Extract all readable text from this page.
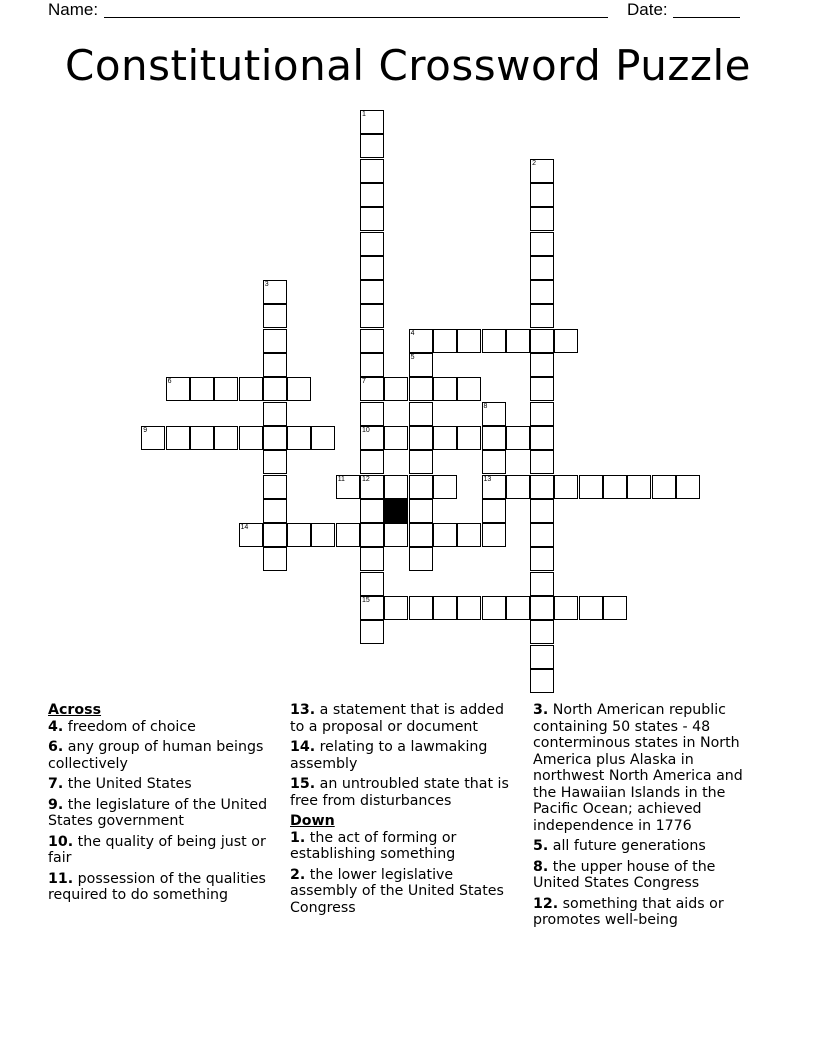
Name:	Date:
Constitutional Crossword Puzzle
1
7
10
12
2
3
4
5
6
8
13
9
11
15
14
Across
4. freedom of choice
6. any group of human beings collectively
7. the United States
9. the legislature of the United States government
10. the quality of being just or fair
11. possession of the qualities required to do something
13. a statement that is added to a proposal or document
14. relating to a lawmaking assembly
15. an untroubled state that is free from disturbances
Down
1. the act of forming or establishing something
2. the lower legislative assembly of the United States Congress
3. North American republic containing 50 states - 48 conterminous states in North America plus Alaska in northwest North America and the Hawaiian Islands in the Pacific Ocean; achieved independence in 1776
5. all future generations
8. the upper house of the United States Congress
12. something that aids or promotes well-being
